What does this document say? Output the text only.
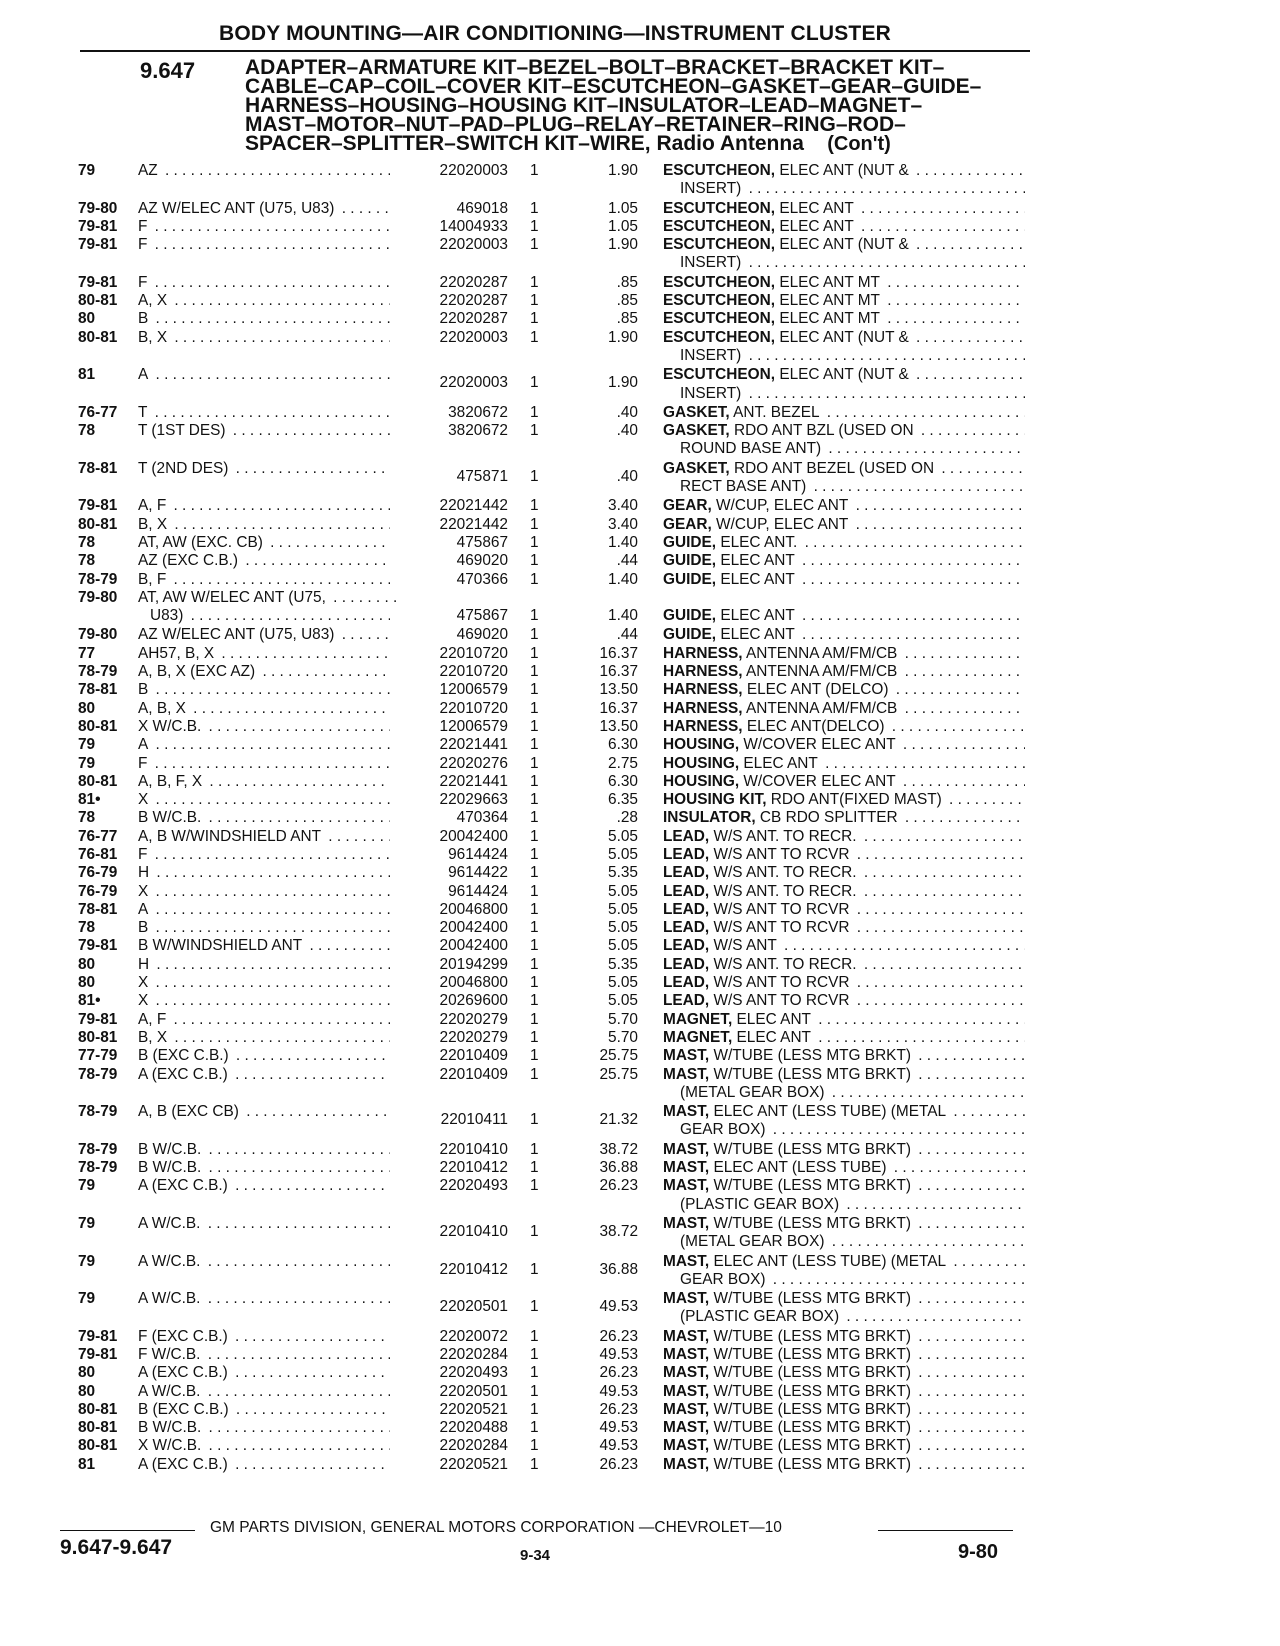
BODY MOUNTING—AIR CONDITIONING—INSTRUMENT CLUSTER
9.647 ADAPTER–ARMATURE KIT–BEZEL–BOLT–BRACKET–BRACKET KIT–
CABLE–CAP–COIL–COVER KIT–ESCUTCHEON–GASKET–GEAR–GUIDE–
HARNESS–HOUSING–HOUSING KIT–INSULATOR–LEAD–MAGNET–
MAST–MOTOR–NUT–PAD–PLUG–RELAY–RETAINER–RING–ROD–
SPACER–SPLITTER–SWITCH KIT–WIRE, Radio Antenna (Con't)
79	AZ . . .	22020003 1	1.90 ESCUTCHEON, ELEC ANT (NUT & . . .
INSERT) . . .
79-80 AZ W/ELEC ANT (U75, U83) . . .	469018 1	1.05 ESCUTCHEON, ELEC ANT . . .
79-81 F . . .	14004933 1	1.05 ESCUTCHEON, ELEC ANT . . .
79-81 F . . .	22020003 1	1.90 ESCUTCHEON, ELEC ANT (NUT & . . .
INSERT) . . .
79-81 F . . .	22020287 1	.85 ESCUTCHEON, ELEC ANT MT . . .
80-81 A, X . . .	22020287 1	.85 ESCUTCHEON, ELEC ANT MT . . .
80	B . . .	22020287 1	.85 ESCUTCHEON, ELEC ANT MT . . .
80-81 B, X . . .	22020003 1	1.90 ESCUTCHEON, ELEC ANT (NUT & . . .
INSERT) . . .
81	A . . .	22020003 1	1.90 ESCUTCHEON, ELEC ANT (NUT & . . .
INSERT) . . .
76-77 T . . .	3820672 1	.40 GASKET, ANT. BEZEL . . .
78	T (1ST DES) . . .	3820672 1	.40 GASKET, RDO ANT BZL (USED ON . . .
ROUND BASE ANT) . . .
78-81 T (2ND DES) . . .	475871 1	.40 GASKET, RDO ANT BEZEL (USED ON . . .
RECT BASE ANT) . . .
79-81 A, F . . .	22021442 1	3.40 GEAR, W/CUP, ELEC ANT . . .
80-81 B, X . . .	22021442 1	3.40 GEAR, W/CUP, ELEC ANT . . .
78	AT, AW (EXC. CB) . . .	475867 1	1.40 GUIDE, ELEC ANT. . . .
78	AZ (EXC C.B.) . . .	469020 1	.44 GUIDE, ELEC ANT . . .
78-79 B, F . . .	470366 1	1.40 GUIDE, ELEC ANT . . .
79-80 AT, AW W/ELEC ANT (U75, . . .
U83) . . .	475867 1	1.40 GUIDE, ELEC ANT . . .
79-80 AZ W/ELEC ANT (U75, U83) . . .	469020 1	.44 GUIDE, ELEC ANT . . .
77	AH57, B, X . . .	22010720 1	16.37 HARNESS, ANTENNA AM/FM/CB . . .
78-79 A, B, X (EXC AZ) . . .	22010720 1	16.37 HARNESS, ANTENNA AM/FM/CB . . .
78-81 B . . .	12006579 1	13.50 HARNESS, ELEC ANT (DELCO) . . .
80	A, B, X . . .	22010720 1	16.37 HARNESS, ANTENNA AM/FM/CB . . .
80-81 X W/C.B. . . .	12006579 1	13.50 HARNESS, ELEC ANT(DELCO) . . .
79	A . . .	22021441 1	6.30 HOUSING, W/COVER ELEC ANT . . .
79	F . . .	22020276 1	2.75 HOUSING, ELEC ANT . . .
80-81 A, B, F, X . . .	22021441 1	6.30 HOUSING, W/COVER ELEC ANT . . .
81• X . . .	22029663 1	6.35 HOUSING KIT, RDO ANT(FIXED MAST) . . .
78	B W/C.B. . . .	470364 1	.28 INSULATOR, CB RDO SPLITTER . . .
76-77 A, B W/WINDSHIELD ANT . . .	20042400 1	5.05 LEAD, W/S ANT. TO RECR. . . .
76-81 F . . .	9614424 1	5.05 LEAD, W/S ANT TO RCVR . . .
76-79 H . . .	9614422 1	5.35 LEAD, W/S ANT. TO RECR. . . .
76-79 X . . .	9614424 1	5.05 LEAD, W/S ANT. TO RECR. . . .
78-81 A . . .	20046800 1	5.05 LEAD, W/S ANT TO RCVR . . .
78	B . . .	20042400 1	5.05 LEAD, W/S ANT TO RCVR . . .
79-81 B W/WINDSHIELD ANT . . .	20042400 1	5.05 LEAD, W/S ANT . . .
80	H . . .	20194299 1	5.35 LEAD, W/S ANT. TO RECR. . . .
80	X . . .	20046800 1	5.05 LEAD, W/S ANT TO RCVR . . .
81• X . . .	20269600 1	5.05 LEAD, W/S ANT TO RCVR . . .
79-81 A, F . . .	22020279 1	5.70 MAGNET, ELEC ANT . . .
80-81 B, X . . .	22020279 1	5.70 MAGNET, ELEC ANT . . .
77-79 B (EXC C.B.) . . .	22010409 1	25.75 MAST, W/TUBE (LESS MTG BRKT) . . .
78-79 A (EXC C.B.) . . .	22010409 1	25.75 MAST, W/TUBE (LESS MTG BRKT) . . .
(METAL GEAR BOX) . . .
78-79 A, B (EXC CB) . . .	22010411 1	21.32 MAST, ELEC ANT (LESS TUBE) (METAL . . .
GEAR BOX) . . .
78-79 B W/C.B. . . .	22010410 1	38.72 MAST, W/TUBE (LESS MTG BRKT) . . .
78-79 B W/C.B. . . .	22010412 1	36.88 MAST, ELEC ANT (LESS TUBE) . . .
79	A (EXC C.B.) . . .	22020493 1	26.23 MAST, W/TUBE (LESS MTG BRKT) . . .
(PLASTIC GEAR BOX) . . .
79	A W/C.B. . . .	22010410 1	38.72 MAST, W/TUBE (LESS MTG BRKT) . . .
(METAL GEAR BOX) . . .
79	A W/C.B. . . .	22010412 1	36.88 MAST, ELEC ANT (LESS TUBE) (METAL . . .
GEAR BOX) . . .
79	A W/C.B. . . .	22020501 1	49.53 MAST, W/TUBE (LESS MTG BRKT) . . .
(PLASTIC GEAR BOX) . . .
79-81 F (EXC C.B.) . . .	22020072 1	26.23 MAST, W/TUBE (LESS MTG BRKT) . . .
79-81 F W/C.B. . . .	22020284 1	49.53 MAST, W/TUBE (LESS MTG BRKT) . . .
80	A (EXC C.B.) . . .	22020493 1	26.23 MAST, W/TUBE (LESS MTG BRKT) . . .
80	A W/C.B. . . .	22020501 1	49.53 MAST, W/TUBE (LESS MTG BRKT) . . .
80-81 B (EXC C.B.) . . .	22020521 1	26.23 MAST, W/TUBE (LESS MTG BRKT) . . .
80-81 B W/C.B. . . .	22020488 1	49.53 MAST, W/TUBE (LESS MTG BRKT) . . .
80-81 X W/C.B. . . .	22020284 1	49.53 MAST, W/TUBE (LESS MTG BRKT) . . .
81	A (EXC C.B.) . . .	22020521 1	26.23 MAST, W/TUBE (LESS MTG BRKT) . . .
GM PARTS DIVISION, GENERAL MOTORS CORPORATION —CHEVROLET—10
9.647-9.647	9-34	9-80
